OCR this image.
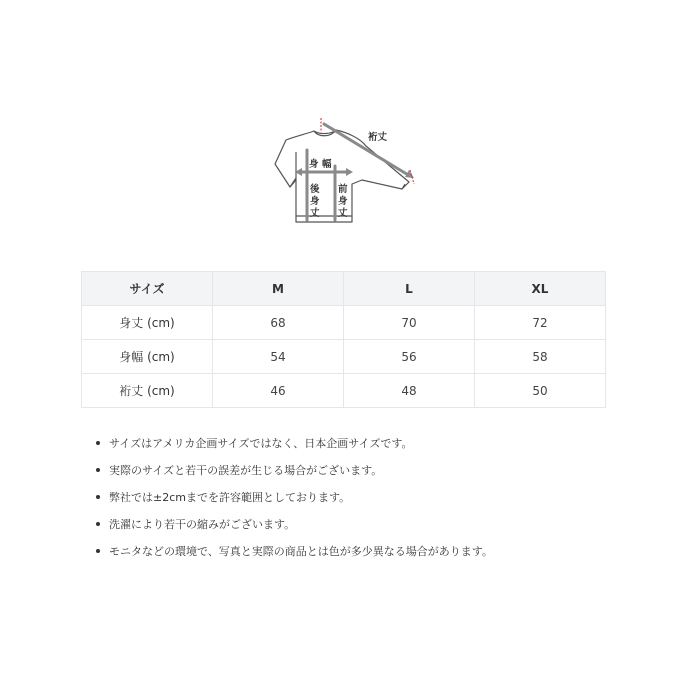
裄丈
身 幅
後
身
丈
前
身
丈
サイズ	M	L	XL
身丈 (cm)	68	70	72
身幅 (cm)	54	56	58
裄丈 (cm)	46	48	50
サイズはアメリカ企画サイズではなく、日本企画サイズです。
実際のサイズと若干の誤差が生じる場合がございます。
弊社では±2cmまでを許容範囲としております。
洗濯により若干の縮みがございます。
モニタなどの環境で、写真と実際の商品とは色が多少異なる場合があります。
